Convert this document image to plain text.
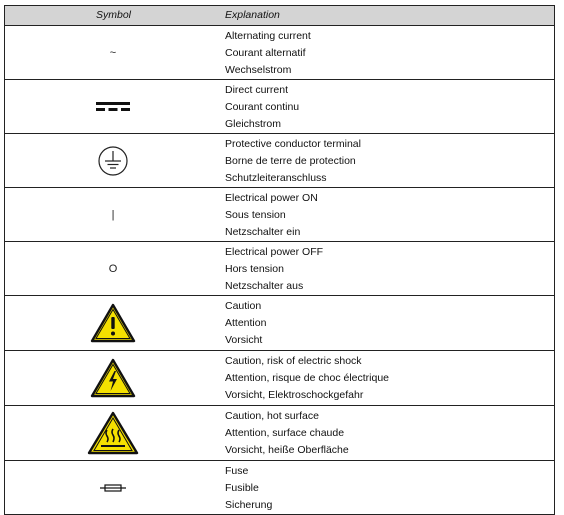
Symbol	Explanation
~
Alternating current
Courant alternatif
Wechselstrom
Direct current
Courant continu
Gleichstrom
Protective conductor terminal
Borne de terre de protection
Schutzleiteranschluss
|
Electrical power ON
Sous tension
Netzschalter ein
O
Electrical power OFF
Hors tension
Netzschalter aus
Caution
Attention
Vorsicht
Caution, risk of electric shock
Attention, risque de choc électrique
Vorsicht, Elektroschockgefahr
Caution, hot surface
Attention, surface chaude
Vorsicht, heiße Oberfläche
Fuse
Fusible
Sicherung
